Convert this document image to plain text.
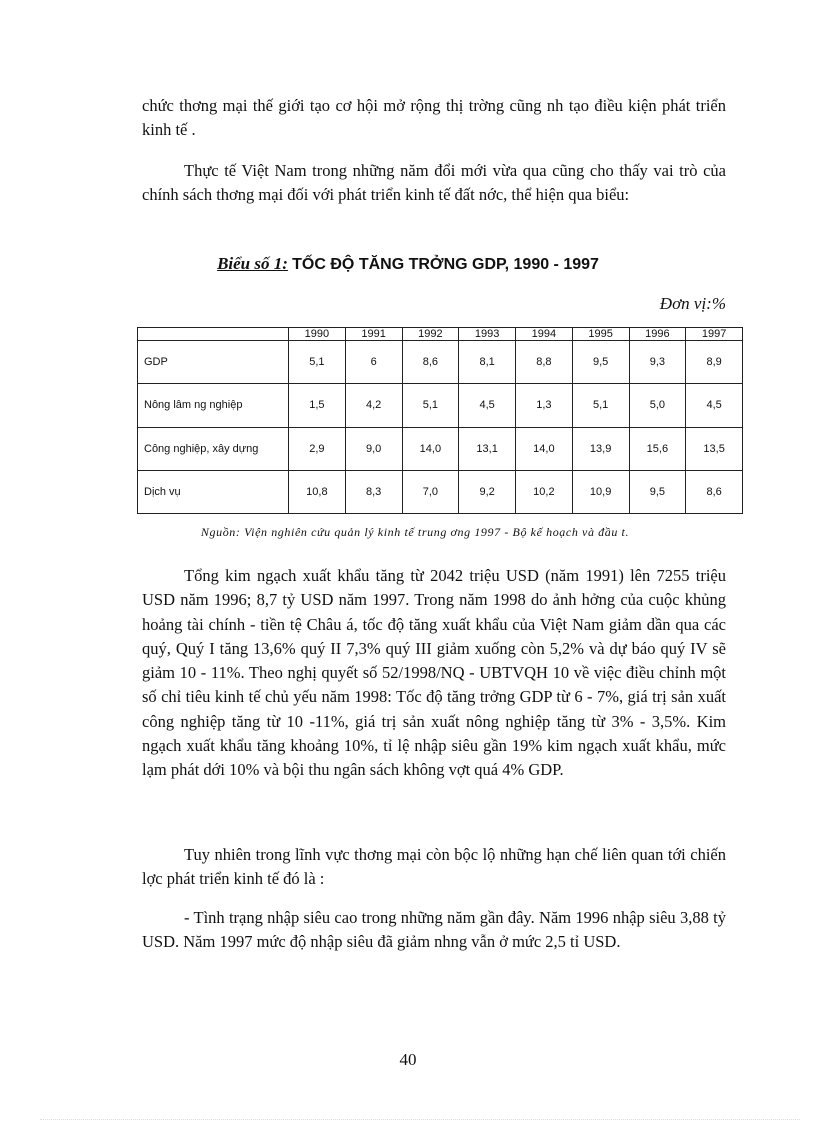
chức thơng mại thế giới tạo cơ hội mở rộng thị trờng cũng nh tạo điều kiện phát triển kinh tế .

Thực tế Việt Nam trong những năm đổi mới vừa qua cũng cho thấy vai trò của chính sách thơng mại đối với phát triển kinh tế đất nớc, thể hiện qua biểu:

Biểu số 1: TỐC ĐỘ TĂNG TRỞNG GDP, 1990 - 1997
Đơn vị:%
	1990	1991	1992	1993	1994	1995	1996	1997
GDP	5,1	6	8,6	8,1	8,8	9,5	9,3	8,9
Nông lâm ng nghiệp	1,5	4,2	5,1	4,5	1,3	5,1	5,0	4,5
Công nghiệp, xây dựng	2,9	9,0	14,0	13,1	14,0	13,9	15,6	13,5
Dịch vụ	10,8	8,3	7,0	9,2	10,2	10,9	9,5	8,6
Nguồn: Viện nghiên cứu quản lý kinh tế trung ơng 1997 - Bộ kế hoạch và đầu t.

Tổng kim ngạch xuất khẩu tăng từ 2042 triệu USD (năm 1991) lên 7255 triệu USD năm 1996; 8,7 tỷ USD năm 1997. Trong năm 1998 do ảnh hởng của cuộc khủng hoảng tài chính - tiền tệ Châu á, tốc độ tăng xuất khẩu của Việt Nam giảm dần qua các quý, Quý I tăng 13,6% quý II 7,3% quý III giảm xuống còn 5,2% và dự báo quý IV sẽ giảm 10 - 11%. Theo nghị quyết số 52/1998/NQ - UBTVQH 10 về việc điều chỉnh một số chỉ tiêu kinh tế chủ yếu năm 1998: Tốc độ tăng trởng GDP từ 6 - 7%, giá trị sản xuất công nghiệp tăng từ 10 -11%, giá trị sản xuất nông nghiệp tăng từ 3% - 3,5%. Kim ngạch xuất khẩu tăng khoảng 10%, tỉ lệ nhập siêu gần 19% kim ngạch xuất khẩu, mức lạm phát dới 10% và bội thu ngân sách không vợt quá 4% GDP.

Tuy nhiên trong lĩnh vực thơng mại còn bộc lộ những hạn chế liên quan tới chiến lợc phát triển kinh tế đó là :

- Tình trạng nhập siêu cao trong những năm gần đây. Năm 1996 nhập siêu 3,88 tỷ USD. Năm 1997 mức độ nhập siêu đã giảm nhng vẫn ở mức 2,5 tỉ USD.

40
